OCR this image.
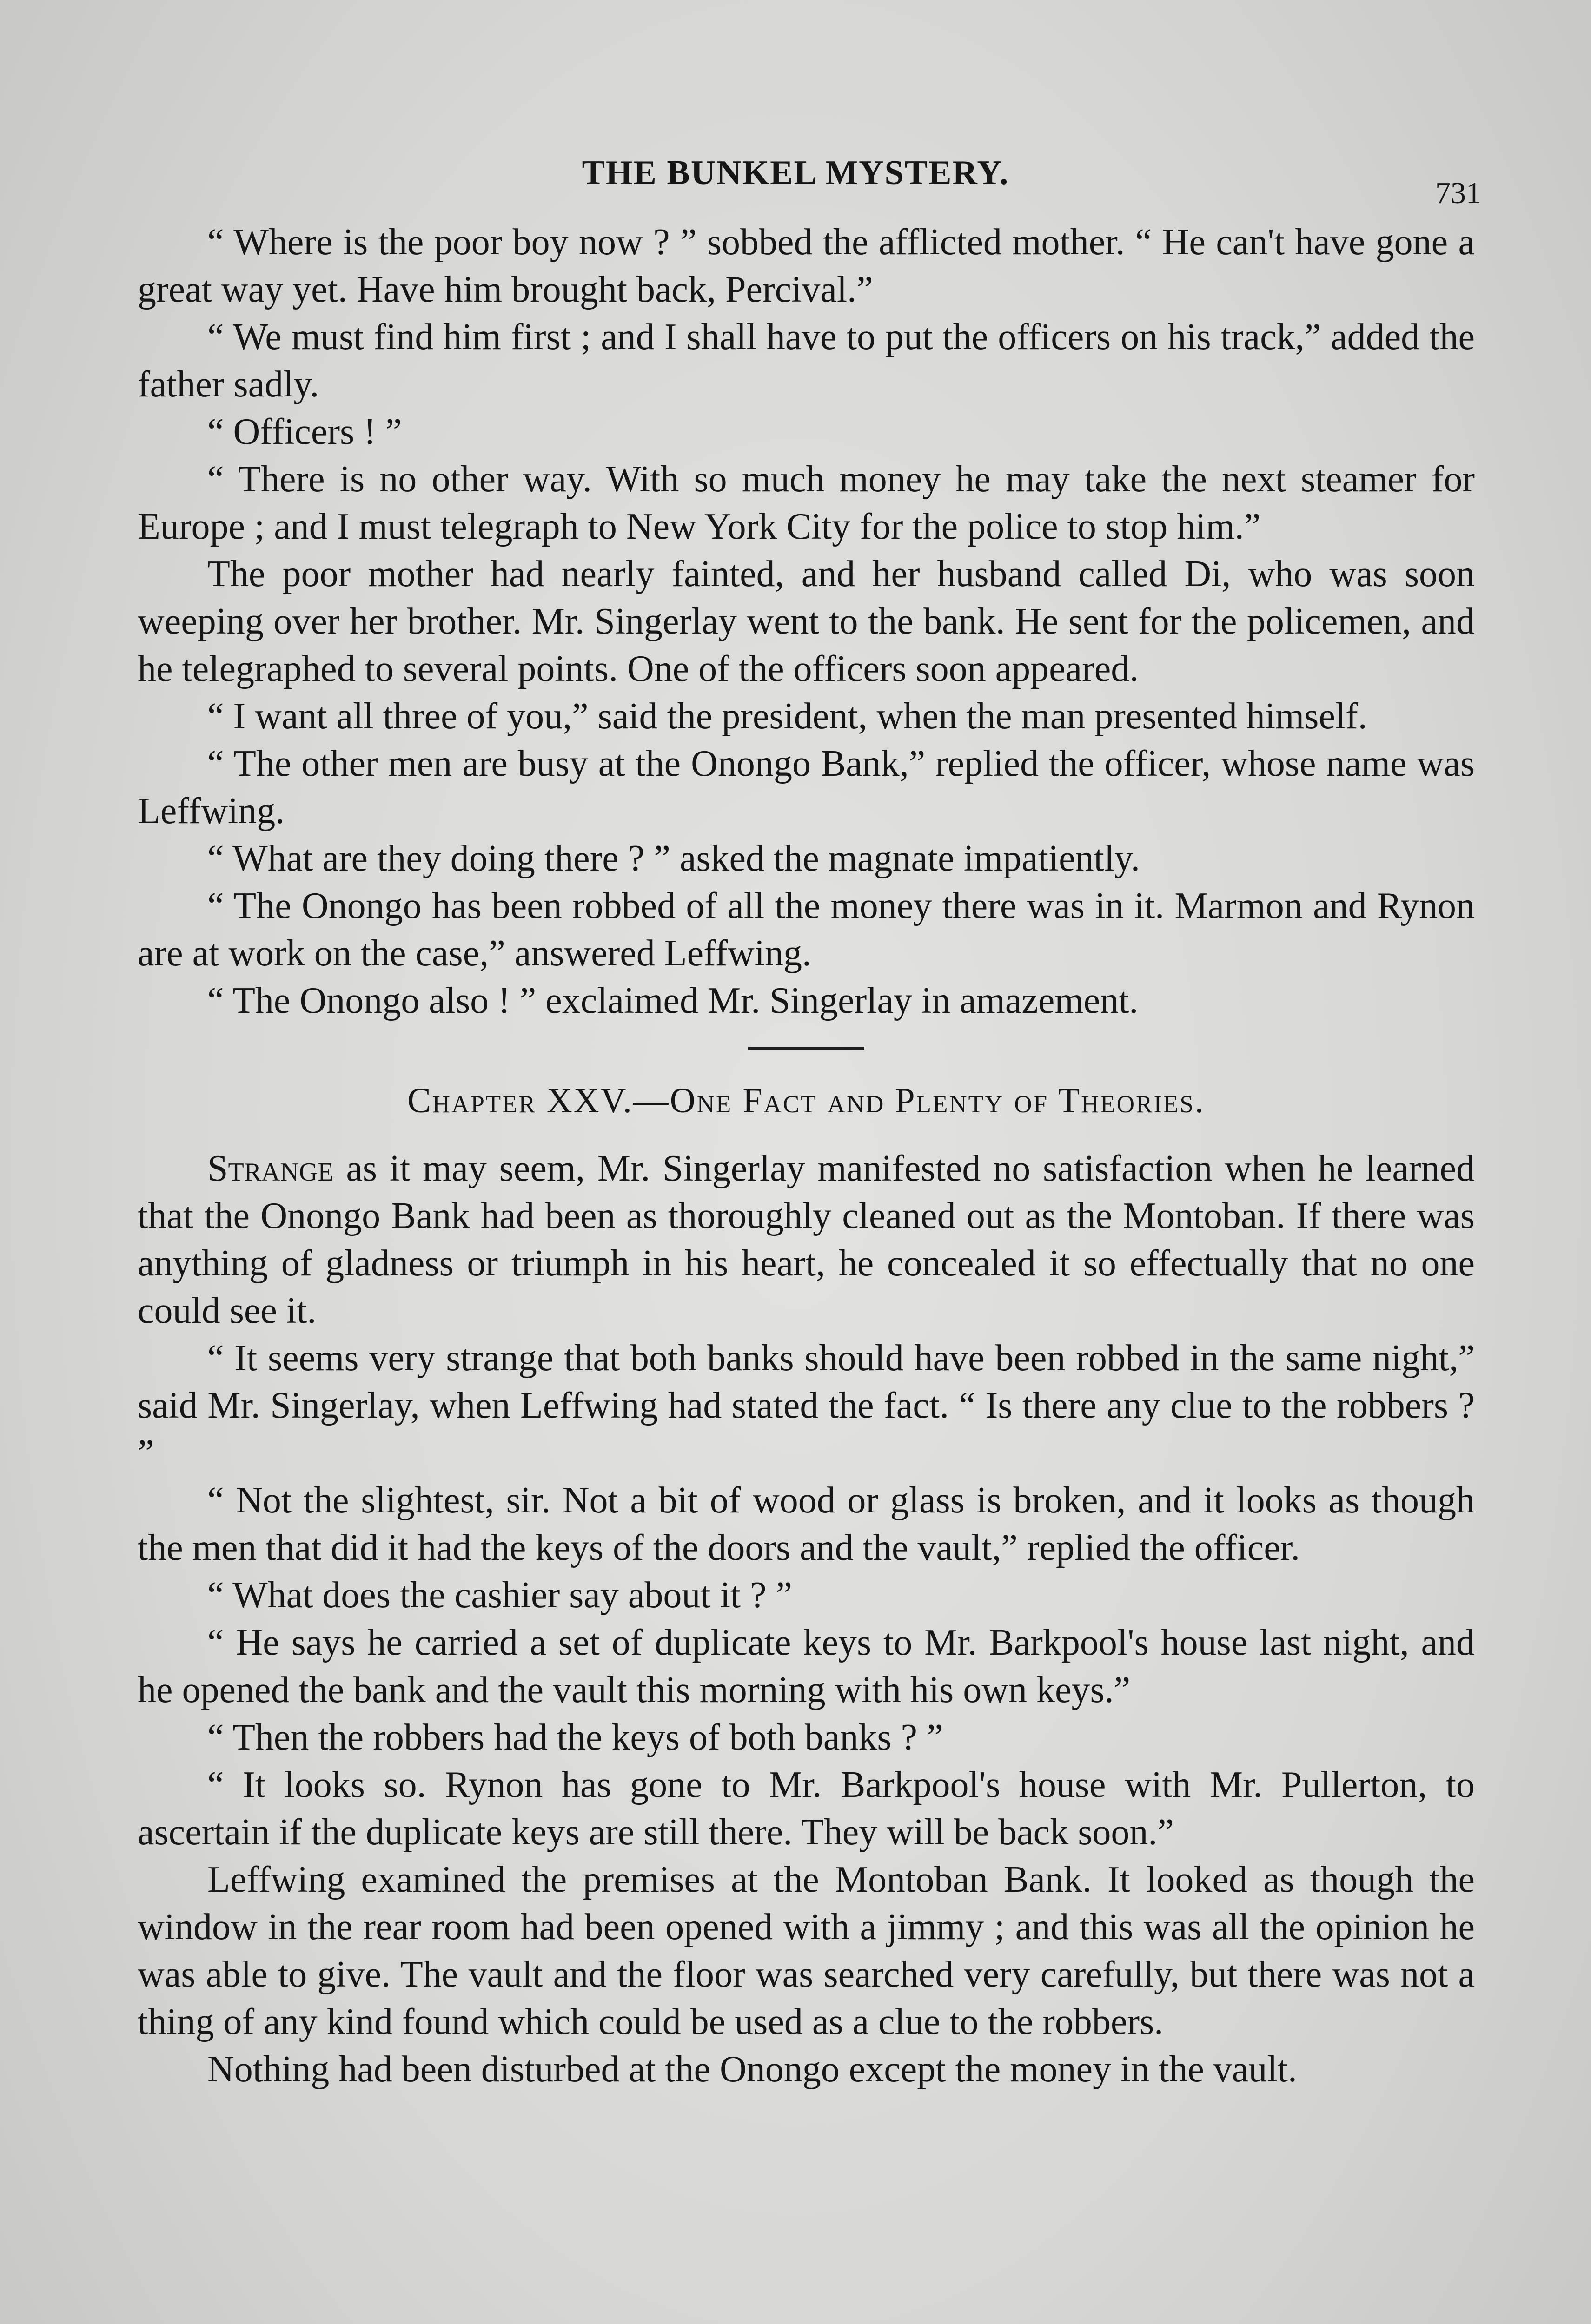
THE BUNKEL MYSTERY.
731

“ Where is the poor boy now ? ” sobbed the afflicted mother. “ He can't have gone a great way yet. Have him brought back, Percival.”

“ We must find him first ; and I shall have to put the officers on his track,” added the father sadly.

“ Officers ! ”

“ There is no other way. With so much money he may take the next steamer for Europe ; and I must telegraph to New York City for the police to stop him.”

The poor mother had nearly fainted, and her husband called Di, who was soon weeping over her brother. Mr. Singerlay went to the bank. He sent for the policemen, and he telegraphed to several points. One of the officers soon appeared.

“ I want all three of you,” said the president, when the man presented himself.

“ The other men are busy at the Onongo Bank,” replied the officer, whose name was Leffwing.

“ What are they doing there ? ” asked the magnate impatiently.

“ The Onongo has been robbed of all the money there was in it. Marmon and Rynon are at work on the case,” answered Leffwing.

“ The Onongo also ! ” exclaimed Mr. Singerlay in amazement.

Chapter XXV.—One Fact and Plenty of Theories.

Strange as it may seem, Mr. Singerlay manifested no satisfaction when he learned that the Onongo Bank had been as thoroughly cleaned out as the Montoban. If there was anything of gladness or triumph in his heart, he concealed it so effectually that no one could see it.

“ It seems very strange that both banks should have been robbed in the same night,” said Mr. Singerlay, when Leffwing had stated the fact. “ Is there any clue to the robbers ? ”

“ Not the slightest, sir. Not a bit of wood or glass is broken, and it looks as though the men that did it had the keys of the doors and the vault,” replied the officer.

“ What does the cashier say about it ? ”

“ He says he carried a set of duplicate keys to Mr. Barkpool's house last night, and he opened the bank and the vault this morning with his own keys.”

“ Then the robbers had the keys of both banks ? ”

“ It looks so. Rynon has gone to Mr. Barkpool's house with Mr. Pullerton, to ascertain if the duplicate keys are still there. They will be back soon.”

Leffwing examined the premises at the Montoban Bank. It looked as though the window in the rear room had been opened with a jimmy ; and this was all the opinion he was able to give. The vault and the floor was searched very carefully, but there was not a thing of any kind found which could be used as a clue to the robbers.

Nothing had been disturbed at the Onongo except the money in the vault.
